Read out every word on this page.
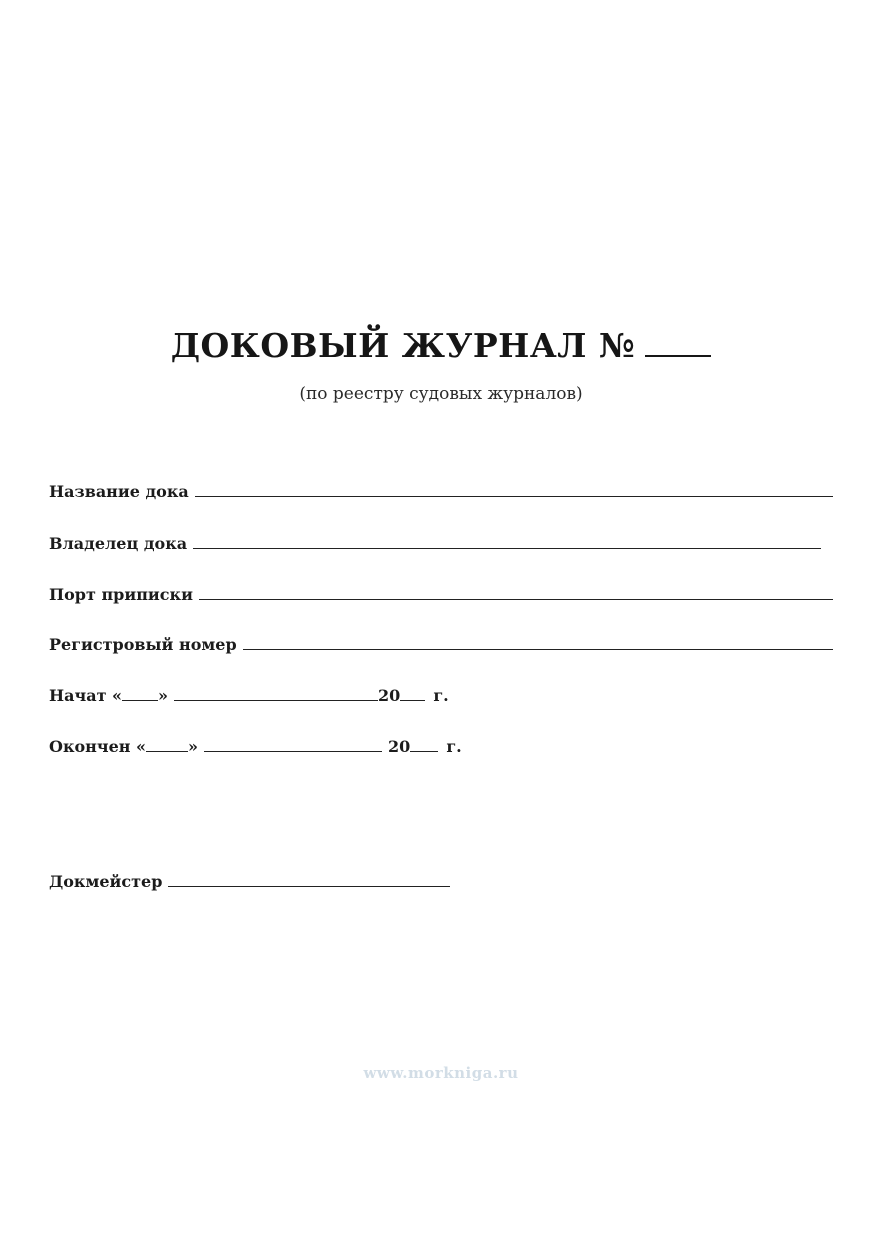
ДОКОВЫЙ ЖУРНАЛ №
(по реестру судовых журналов)
Название дока
Владелец дока
Порт приписки
Регистровый номер
Начат « »	20 г.
Окончен «	»	20 г.
Докмейстер
www.morkniga.ru
